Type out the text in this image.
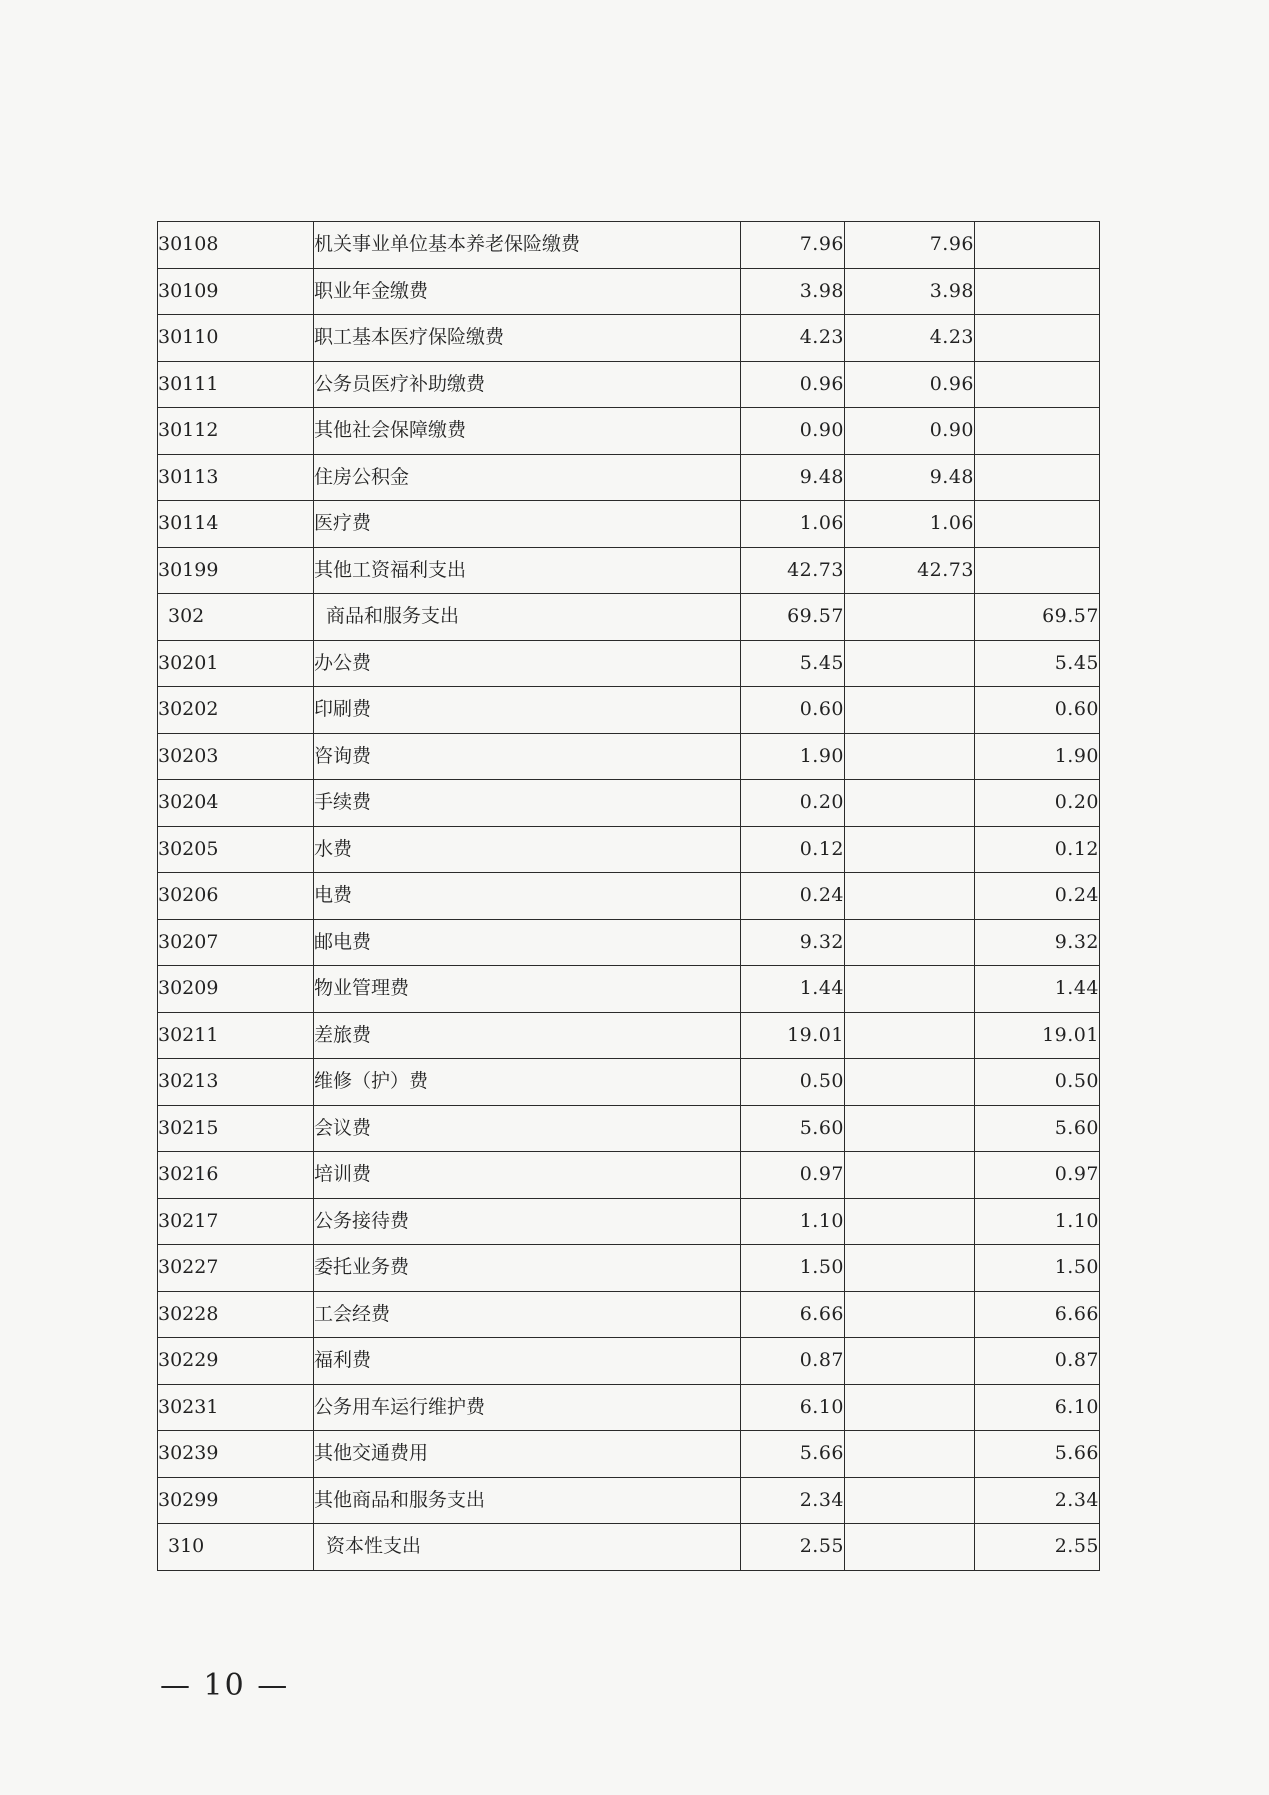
30108	机关事业单位基本养老保险缴费	7.96	7.96	
30109	职业年金缴费	3.98	3.98	
30110	职工基本医疗保险缴费	4.23	4.23	
30111	公务员医疗补助缴费	0.96	0.96	
30112	其他社会保障缴费	0.90	0.90	
30113	住房公积金	9.48	9.48	
30114	医疗费	1.06	1.06	
30199	其他工资福利支出	42.73	42.73	
302	商品和服务支出	69.57		69.57
30201	办公费	5.45		5.45
30202	印刷费	0.60		0.60
30203	咨询费	1.90		1.90
30204	手续费	0.20		0.20
30205	水费	0.12		0.12
30206	电费	0.24		0.24
30207	邮电费	9.32		9.32
30209	物业管理费	1.44		1.44
30211	差旅费	19.01		19.01
30213	维修（护）费	0.50		0.50
30215	会议费	5.60		5.60
30216	培训费	0.97		0.97
30217	公务接待费	1.10		1.10
30227	委托业务费	1.50		1.50
30228	工会经费	6.66		6.66
30229	福利费	0.87		0.87
30231	公务用车运行维护费	6.10		6.10
30239	其他交通费用	5.66		5.66
30299	其他商品和服务支出	2.34		2.34
310	资本性支出	2.55		2.55
— 10 —
